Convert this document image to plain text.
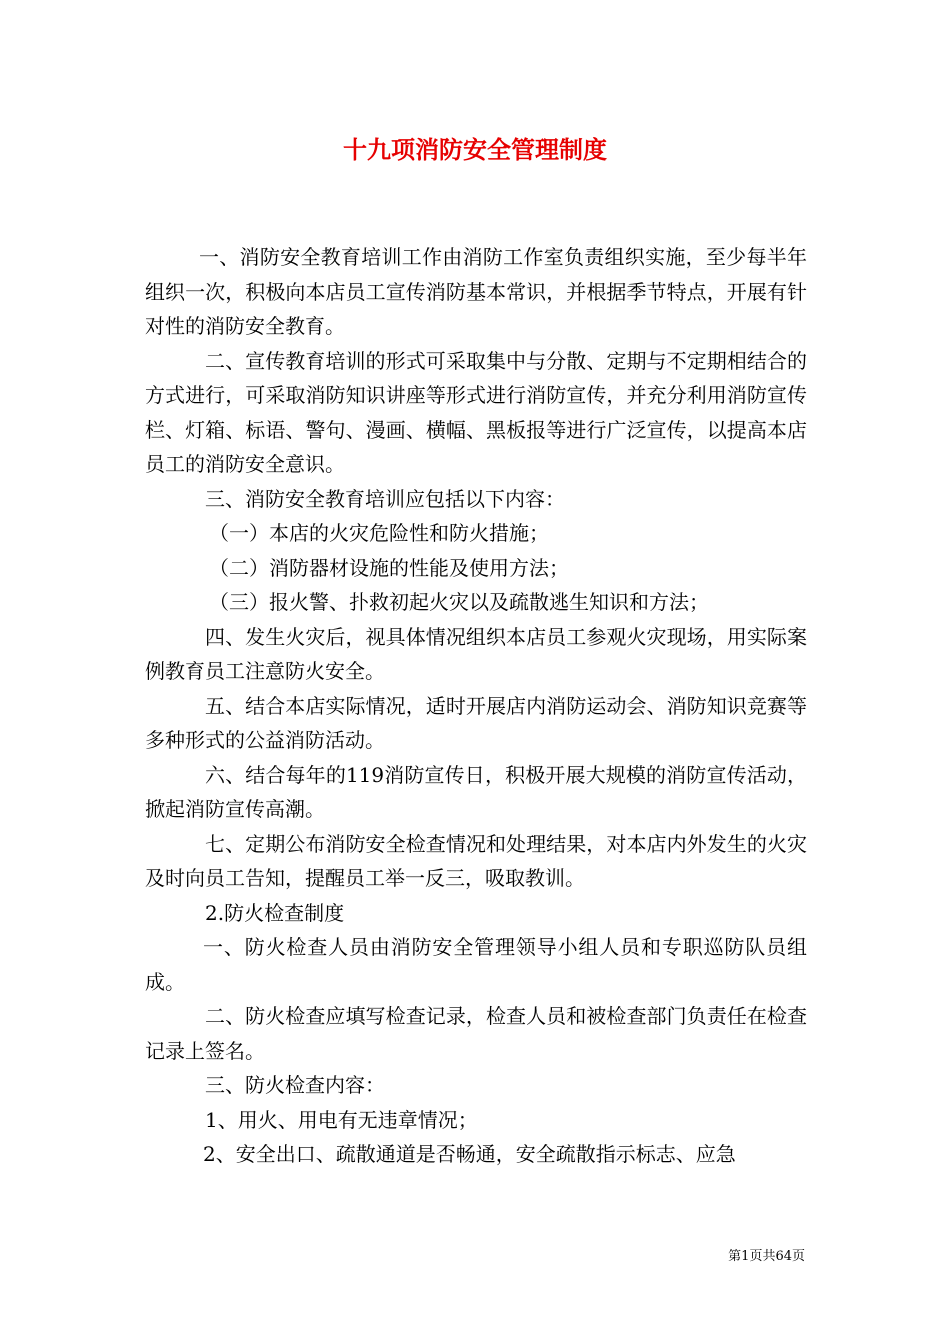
十九项消防安全管理制度

一、消防安全教育培训工作由消防工作室负责组织实施，至少每半年组织一次，积极向本店员工宣传消防基本常识，并根据季节特点，开展有针对性的消防安全教育。

二、宣传教育培训的形式可采取集中与分散、定期与不定期相结合的方式进行，可采取消防知识讲座等形式进行消防宣传，并充分利用消防宣传栏、灯箱、标语、警句、漫画、横幅、黑板报等进行广泛宣传，以提高本店员工的消防安全意识。

三、消防安全教育培训应包括以下内容：

（一）本店的火灾危险性和防火措施；

（二）消防器材设施的性能及使用方法；

（三）报火警、扑救初起火灾以及疏散逃生知识和方法；

四、发生火灾后，视具体情况组织本店员工参观火灾现场，用实际案例教育员工注意防火安全。

五、结合本店实际情况，适时开展店内消防运动会、消防知识竞赛等多种形式的公益消防活动。

六、结合每年的119消防宣传日，积极开展大规模的消防宣传活动，掀起消防宣传高潮。

七、定期公布消防安全检查情况和处理结果，对本店内外发生的火灾及时向员工告知，提醒员工举一反三，吸取教训。

2.防火检查制度

一、防火检查人员由消防安全管理领导小组人员和专职巡防队员组成。

二、防火检查应填写检查记录，检查人员和被检查部门负责任在检查记录上签名。

三、防火检查内容：

1、用火、用电有无违章情况；

2、安全出口、疏散通道是否畅通，安全疏散指示标志、应急

第1页共64页
